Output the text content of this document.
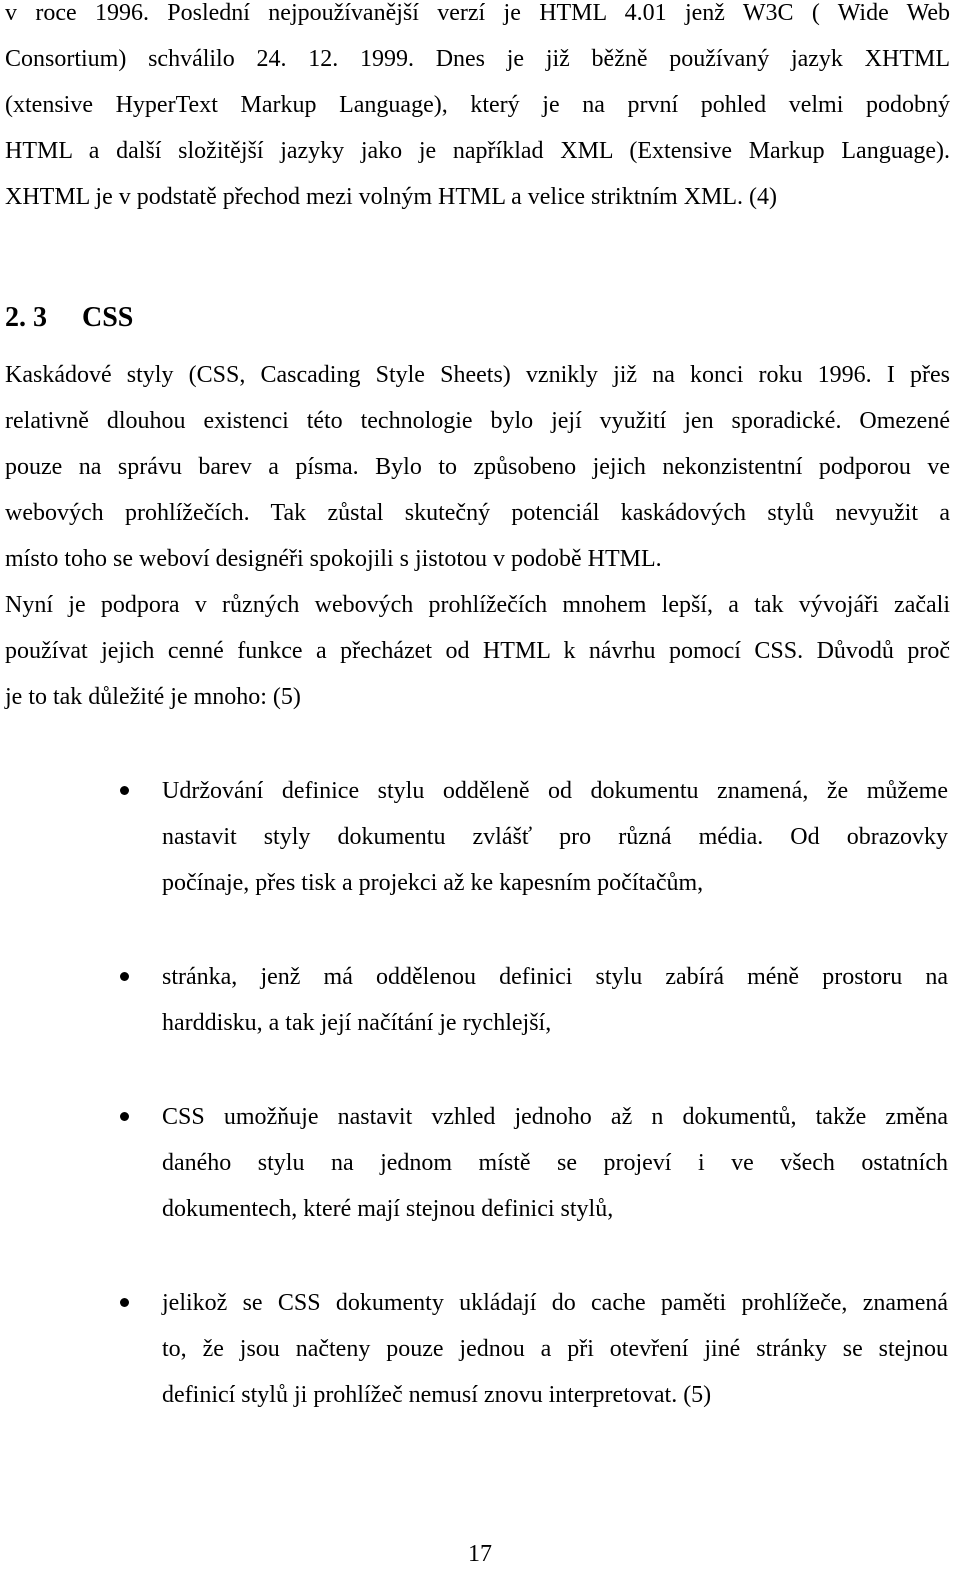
v roce 1996. Poslední nejpoužívanější verzí je HTML 4.01 jenž W3C ( Wide Web
Consortium) schválilo 24. 12. 1999. Dnes je již běžně používaný jazyk XHTML
(xtensive HyperText Markup Language), který je na první pohled velmi podobný
HTML a další složitější jazyky jako je například XML (Extensive Markup Language).
XHTML je v podstatě přechod mezi volným HTML a velice striktním XML. (4)
2. 3 CSS
Kaskádové styly (CSS, Cascading Style Sheets) vznikly již na konci roku 1996. I přes
relativně dlouhou existenci této technologie bylo její využití jen sporadické. Omezené
pouze na správu barev a písma. Bylo to způsobeno jejich nekonzistentní podporou ve
webových prohlížečích. Tak zůstal skutečný potenciál kaskádových stylů nevyužit a
místo toho se weboví designéři spokojili s jistotou v podobě HTML.
Nyní je podpora v různých webových prohlížečích mnohem lepší, a tak vývojáři začali
používat jejich cenné funkce a přecházet od HTML k návrhu pomocí CSS. Důvodů proč
je to tak důležité je mnoho: (5)
Udržování definice stylu odděleně od dokumentu znamená, že můžeme
nastavit styly dokumentu zvlášť pro různá média. Od obrazovky
počínaje, přes tisk a projekci až ke kapesním počítačům,
stránka, jenž má oddělenou definici stylu zabírá méně prostoru na
harddisku, a tak její načítání je rychlejší,
CSS umožňuje nastavit vzhled jednoho až n dokumentů, takže změna
daného stylu na jednom místě se projeví i ve všech ostatních
dokumentech, které mají stejnou definici stylů,
jelikož se CSS dokumenty ukládají do cache paměti prohlížeče, znamená
to, že jsou načteny pouze jednou a při otevření jiné stránky se stejnou
definicí stylů ji prohlížeč nemusí znovu interpretovat. (5)
17
